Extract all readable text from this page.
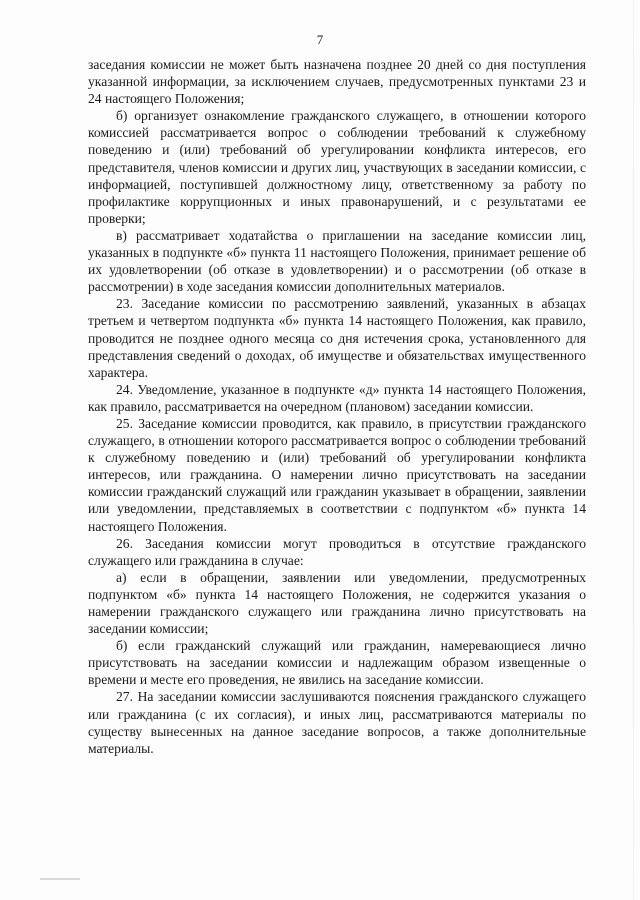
7

заседания комиссии не может быть назначена позднее 20 дней со дня поступления указанной информации, за исключением случаев, предусмотренных пунктами 23 и 24 настоящего Положения;

б) организует ознакомление гражданского служащего, в отношении которого комиссией рассматривается вопрос о соблюдении требований к служебному поведению и (или) требований об урегулировании конфликта интересов, его представителя, членов комиссии и других лиц, участвующих в заседании комиссии, с информацией, поступившей должностному лицу, ответственному за работу по профилактике коррупционных и иных правонарушений, и с результатами ее проверки;

в) рассматривает ходатайства о приглашении на заседание комиссии лиц, указанных в подпункте «б» пункта 11 настоящего Положения, принимает решение об их удовлетворении (об отказе в удовлетворении) и о рассмотрении (об отказе в рассмотрении) в ходе заседания комиссии дополнительных материалов.

23. Заседание комиссии по рассмотрению заявлений, указанных в абзацах третьем и четвертом подпункта «б» пункта 14 настоящего Положения, как правило, проводится не позднее одного месяца со дня истечения срока, установленного для представления сведений о доходах, об имуществе и обязательствах имущественного характера.

24. Уведомление, указанное в подпункте «д» пункта 14 настоящего Положения, как правило, рассматривается на очередном (плановом) заседании комиссии.

25. Заседание комиссии проводится, как правило, в присутствии гражданского служащего, в отношении которого рассматривается вопрос о соблюдении требований к служебному поведению и (или) требований об урегулировании конфликта интересов, или гражданина. О намерении лично присутствовать на заседании комиссии гражданский служащий или гражданин указывает в обращении, заявлении или уведомлении, представляемых в соответствии с подпунктом «б» пункта 14 настоящего Положения.

26. Заседания комиссии могут проводиться в отсутствие гражданского служащего или гражданина в случае:

а) если в обращении, заявлении или уведомлении, предусмотренных подпунктом «б» пункта 14 настоящего Положения, не содержится указания о намерении гражданского служащего или гражданина лично присутствовать на заседании комиссии;

б) если гражданский служащий или гражданин, намеревающиеся лично присутствовать на заседании комиссии и надлежащим образом извещенные о времени и месте его проведения, не явились на заседание комиссии.

27. На заседании комиссии заслушиваются пояснения гражданского служащего или гражданина (с их согласия), и иных лиц, рассматриваются материалы по существу вынесенных на данное заседание вопросов, а также дополнительные материалы.
